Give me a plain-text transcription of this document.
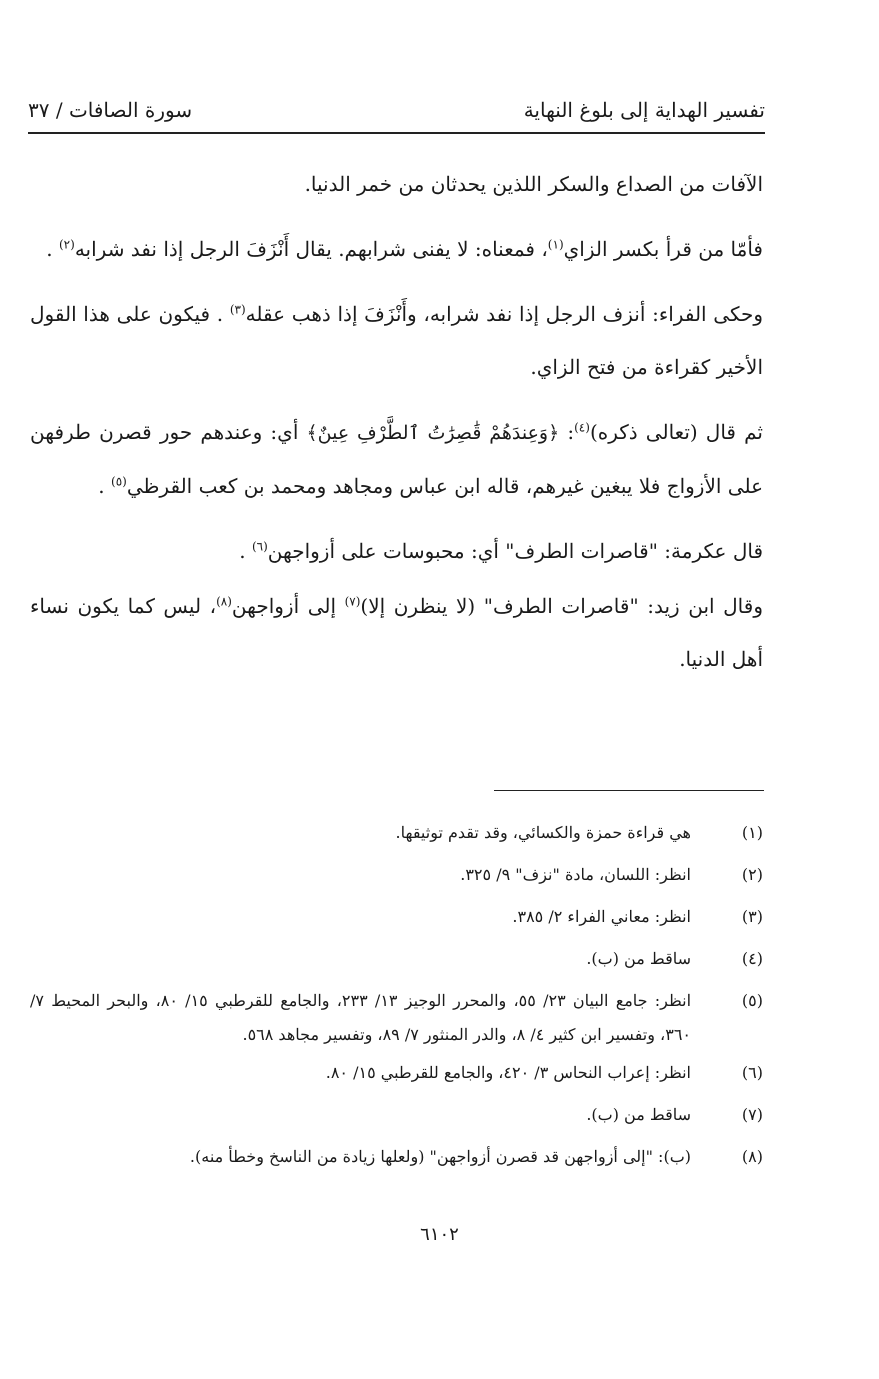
تفسير الهداية إلى بلوغ النهاية
سورة الصافات / ٣٧

الآفات من الصداع والسكر اللذين يحدثان من خمر الدنيا.

فأمّا من قرأ بكسر الزاي$^{(١)}$، فمعناه: لا يفنى شرابهم. يقال أَنْزَفَ الرجل إذا نفد شرابه$^{(٢)}$ .

وحكى الفراء: أنزف الرجل إذا نفد شرابه، وأَنْزَفَ إذا ذهب عقله$^{(٣)}$ . فيكون على هذا القول الأخير كقراءة من فتح الزاي.

ثم قال (تعالى ذكره)$^{(٤)}$: ﴿وَعِندَهُمْ قَٰصِرَٰتُ ٱلطَّرْفِ عِينٌ﴾ أي: وعندهم حور قصرن طرفهن على الأزواج فلا يبغين غيرهم، قاله ابن عباس ومجاهد ومحمد بن كعب القرظي$^{(٥)}$ .

قال عكرمة: "قاصرات الطرف" أي: محبوسات على أزواجهن$^{(٦)}$ .

وقال ابن زيد: "قاصرات الطرف" (لا ينظرن إلا)$^{(٧)}$ إلى أزواجهن$^{(٨)}$، ليس كما يكون نساء أهل الدنيا.

(١)
هي قراءة حمزة والكسائي، وقد تقدم توثيقها.
(٢)
انظر: اللسان، مادة "نزف" ٩/ ٣٢٥.
(٣)
انظر: معاني الفراء ٢/ ٣٨٥.
(٤)
ساقط من (ب).
(٥)
انظر: جامع البيان ٢٣/ ٥٥، والمحرر الوجيز ١٣/ ٢٣٣، والجامع للقرطبي ١٥/ ٨٠، والبحر المحيط ٧/ ٣٦٠، وتفسير ابن كثير ٤/ ٨، والدر المنثور ٧/ ٨٩، وتفسير مجاهد ٥٦٨.
(٦)
انظر: إعراب النحاس ٣/ ٤٢٠، والجامع للقرطبي ١٥/ ٨٠.
(٧)
ساقط من (ب).
(٨)
(ب): "إلى أزواجهن قد قصرن أزواجهن" (ولعلها زيادة من الناسخ وخطأ منه).
٦١٠٢
